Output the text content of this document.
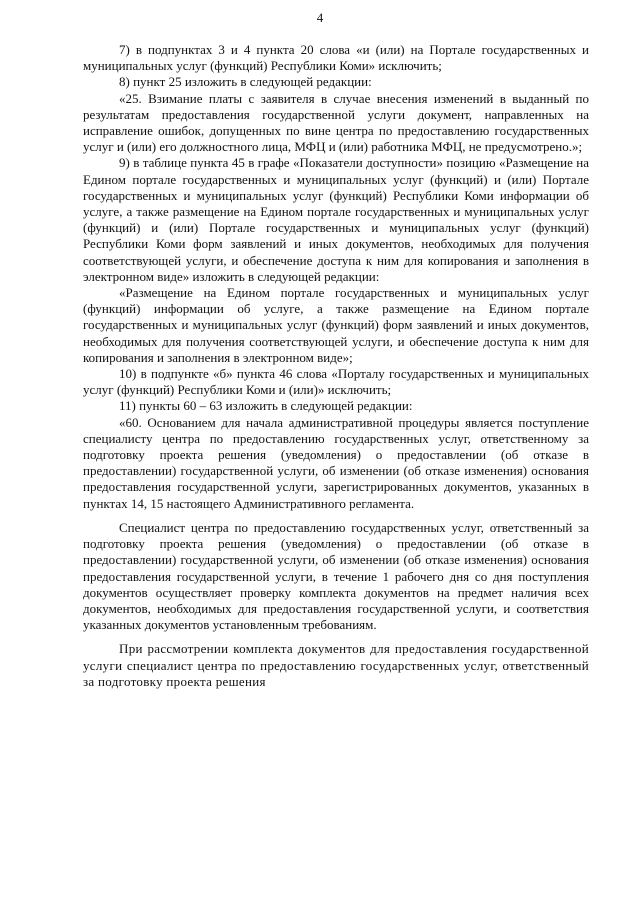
4

7) в подпунктах 3 и 4 пункта 20 слова «и (или) на Портале государственных и муниципальных услуг (функций) Республики Коми» исключить;

8) пункт 25 изложить в следующей редакции:

«25. Взимание платы с заявителя в случае внесения изменений в выданный по результатам предоставления государственной услуги документ, направленных на исправление ошибок, допущенных по вине центра по предоставлению государственных услуг и (или) его должностного лица, МФЦ и (или) работника МФЦ, не предусмотрено.»;

9) в таблице пункта 45 в графе «Показатели доступности» позицию «Размещение на Едином портале государственных и муниципальных услуг (функций) и (или) Портале государственных и муниципальных услуг (функций) Республики Коми информации об услуге, а также размещение на Едином портале государственных и муниципальных услуг (функций) и (или) Портале государственных и муниципальных услуг (функций) Республики Коми форм заявлений и иных документов, необходимых для получения соответствующей услуги, и обеспечение доступа к ним для копирования и заполнения в электронном виде» изложить в следующей редакции:

«Размещение на Едином портале государственных и муниципальных услуг (функций) информации об услуге, а также размещение на Едином портале государственных и муниципальных услуг (функций) форм заявлений и иных документов, необходимых для получения соответствующей услуги, и обеспечение доступа к ним для копирования и заполнения в электронном виде»;

10) в подпункте «б» пункта 46 слова «Порталу государственных и муниципальных услуг (функций) Республики Коми и (или)» исключить;

11) пункты 60 – 63 изложить в следующей редакции:

«60. Основанием для начала административной процедуры является поступление специалисту центра по предоставлению государственных услуг, ответственному за подготовку проекта решения (уведомления) о предоставлении (об отказе в предоставлении) государственной услуги, об изменении (об отказе изменения) основания предоставления государственной услуги, зарегистрированных документов, указанных в пунктах 14, 15 настоящего Административного регламента.

Специалист центра по предоставлению государственных услуг, ответственный за подготовку проекта решения (уведомления) о предоставлении (об отказе в предоставлении) государственной услуги, об изменении (об отказе изменения) основания предоставления государственной услуги, в течение 1 рабочего дня со дня поступления документов осуществляет проверку комплекта документов на предмет наличия всех документов, необходимых для предоставления государственной услуги, и соответствия указанных документов установленным требованиям.

При рассмотрении комплекта документов для предоставления государственной услуги специалист центра по предоставлению государственных услуг, ответственный за подготовку проекта решения
